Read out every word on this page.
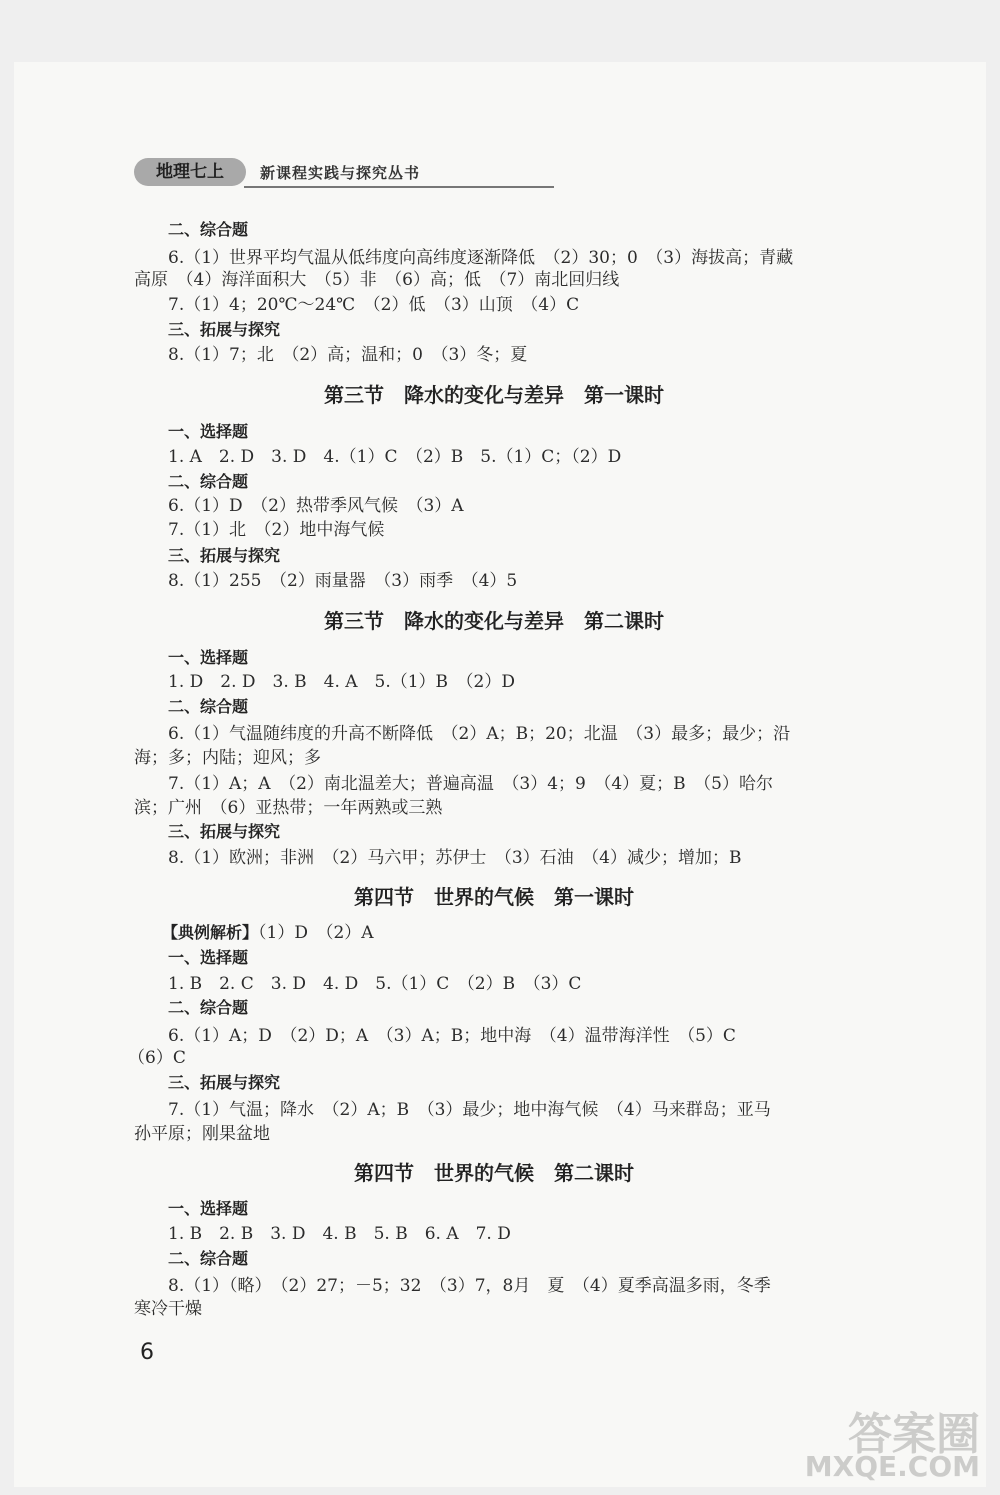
地理七上	新课程实践与探究丛书
二、综合题
6.（1）世界平均气温从低纬度向高纬度逐渐降低　（2）30；0　（3）海拔高；青藏
高原　（4）海洋面积大　（5）非　（6）高；低　（7）南北回归线
7.（1）4；20℃～24℃　（2）低　（3）山顶　（4）C
三、拓展与探究
8.（1）7；北　（2）高；温和；0　（3）冬；夏
第三节　降水的变化与差异　第一课时
一、选择题
1. A　2. D　3. D　4.（1）C　（2）B　5.（1）C；（2）D
二、综合题
6.（1）D　（2）热带季风气候　（3）A
7.（1）北　（2）地中海气候
三、拓展与探究
8.（1）255　（2）雨量器　（3）雨季　（4）5
第三节　降水的变化与差异　第二课时
一、选择题
1. D　2. D　3. B　4. A　5.（1）B　（2）D
二、综合题
6.（1）气温随纬度的升高不断降低　（2）A；B；20；北温　（3）最多；最少；沿
海；多；内陆；迎风；多
7.（1）A；A　（2）南北温差大；普遍高温　（3）4；9　（4）夏；B　（5）哈尔
滨；广州　（6）亚热带；一年两熟或三熟
三、拓展与探究
8.（1）欧洲；非洲　（2）马六甲；苏伊士　（3）石油　（4）减少；增加；B
第四节　世界的气候　第一课时
【典例解析】（1）D　（2）A
一、选择题
1. B　2. C　3. D　4. D　5.（1）C　（2）B　（3）C
二、综合题
6.（1）A；D　（2）D；A　（3）A；B；地中海　（4）温带海洋性　（5）C
（6）C
三、拓展与探究
7.（1）气温；降水　（2）A；B　（3）最少；地中海气候　（4）马来群岛；亚马
孙平原；刚果盆地
第四节　世界的气候　第二课时
一、选择题
1. B　2. B　3. D　4. B　5. B　6. A　7. D
二、综合题
8.（1）（略）　（2）27；－5；32　（3）7，8月　夏　（4）夏季高温多雨，冬季
寒冷干燥
6
答案圈
MXQE.COM
